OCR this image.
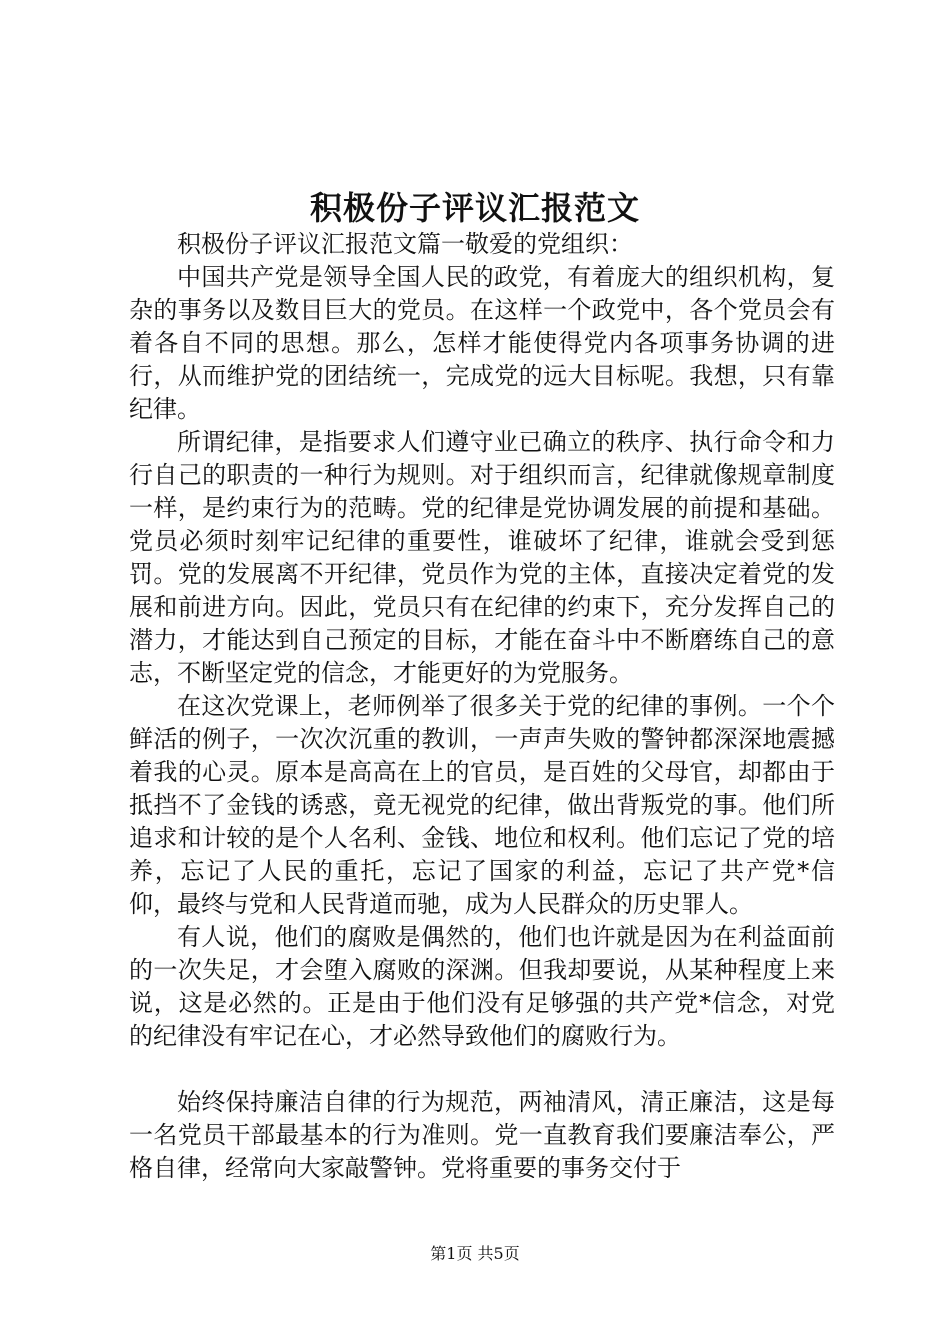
积极份子评议汇报范文

积极份子评议汇报范文篇一敬爱的党组织：

中国共产党是领导全国人民的政党，有着庞大的组织机构，复杂的事务以及数目巨大的党员。在这样一个政党中，各个党员会有着各自不同的思想。那么，怎样才能使得党内各项事务协调的进行，从而维护党的团结统一，完成党的远大目标呢。我想，只有靠纪律。

所谓纪律，是指要求人们遵守业已确立的秩序、执行命令和力行自己的职责的一种行为规则。对于组织而言，纪律就像规章制度一样，是约束行为的范畴。党的纪律是党协调发展的前提和基础。党员必须时刻牢记纪律的重要性，谁破坏了纪律，谁就会受到惩罚。党的发展离不开纪律，党员作为党的主体，直接决定着党的发展和前进方向。因此，党员只有在纪律的约束下，充分发挥自己的潜力，才能达到自己预定的目标，才能在奋斗中不断磨练自己的意志，不断坚定党的信念，才能更好的为党服务。

在这次党课上，老师例举了很多关于党的纪律的事例。一个个鲜活的例子，一次次沉重的教训，一声声失败的警钟都深深地震撼着我的心灵。原本是高高在上的官员，是百姓的父母官，却都由于抵挡不了金钱的诱惑，竟无视党的纪律，做出背叛党的事。他们所追求和计较的是个人名利、金钱、地位和权利。他们忘记了党的培养，忘记了人民的重托，忘记了国家的利益，忘记了共产党*信仰，最终与党和人民背道而驰，成为人民群众的历史罪人。

有人说，他们的腐败是偶然的，他们也许就是因为在利益面前的一次失足，才会堕入腐败的深渊。但我却要说，从某种程度上来说，这是必然的。正是由于他们没有足够强的共产党*信念，对党的纪律没有牢记在心，才必然导致他们的腐败行为。

始终保持廉洁自律的行为规范，两袖清风，清正廉洁，这是每一名党员干部最基本的行为准则。党一直教育我们要廉洁奉公，严格自律，经常向大家敲警钟。党将重要的事务交付于

第1页 共5页
